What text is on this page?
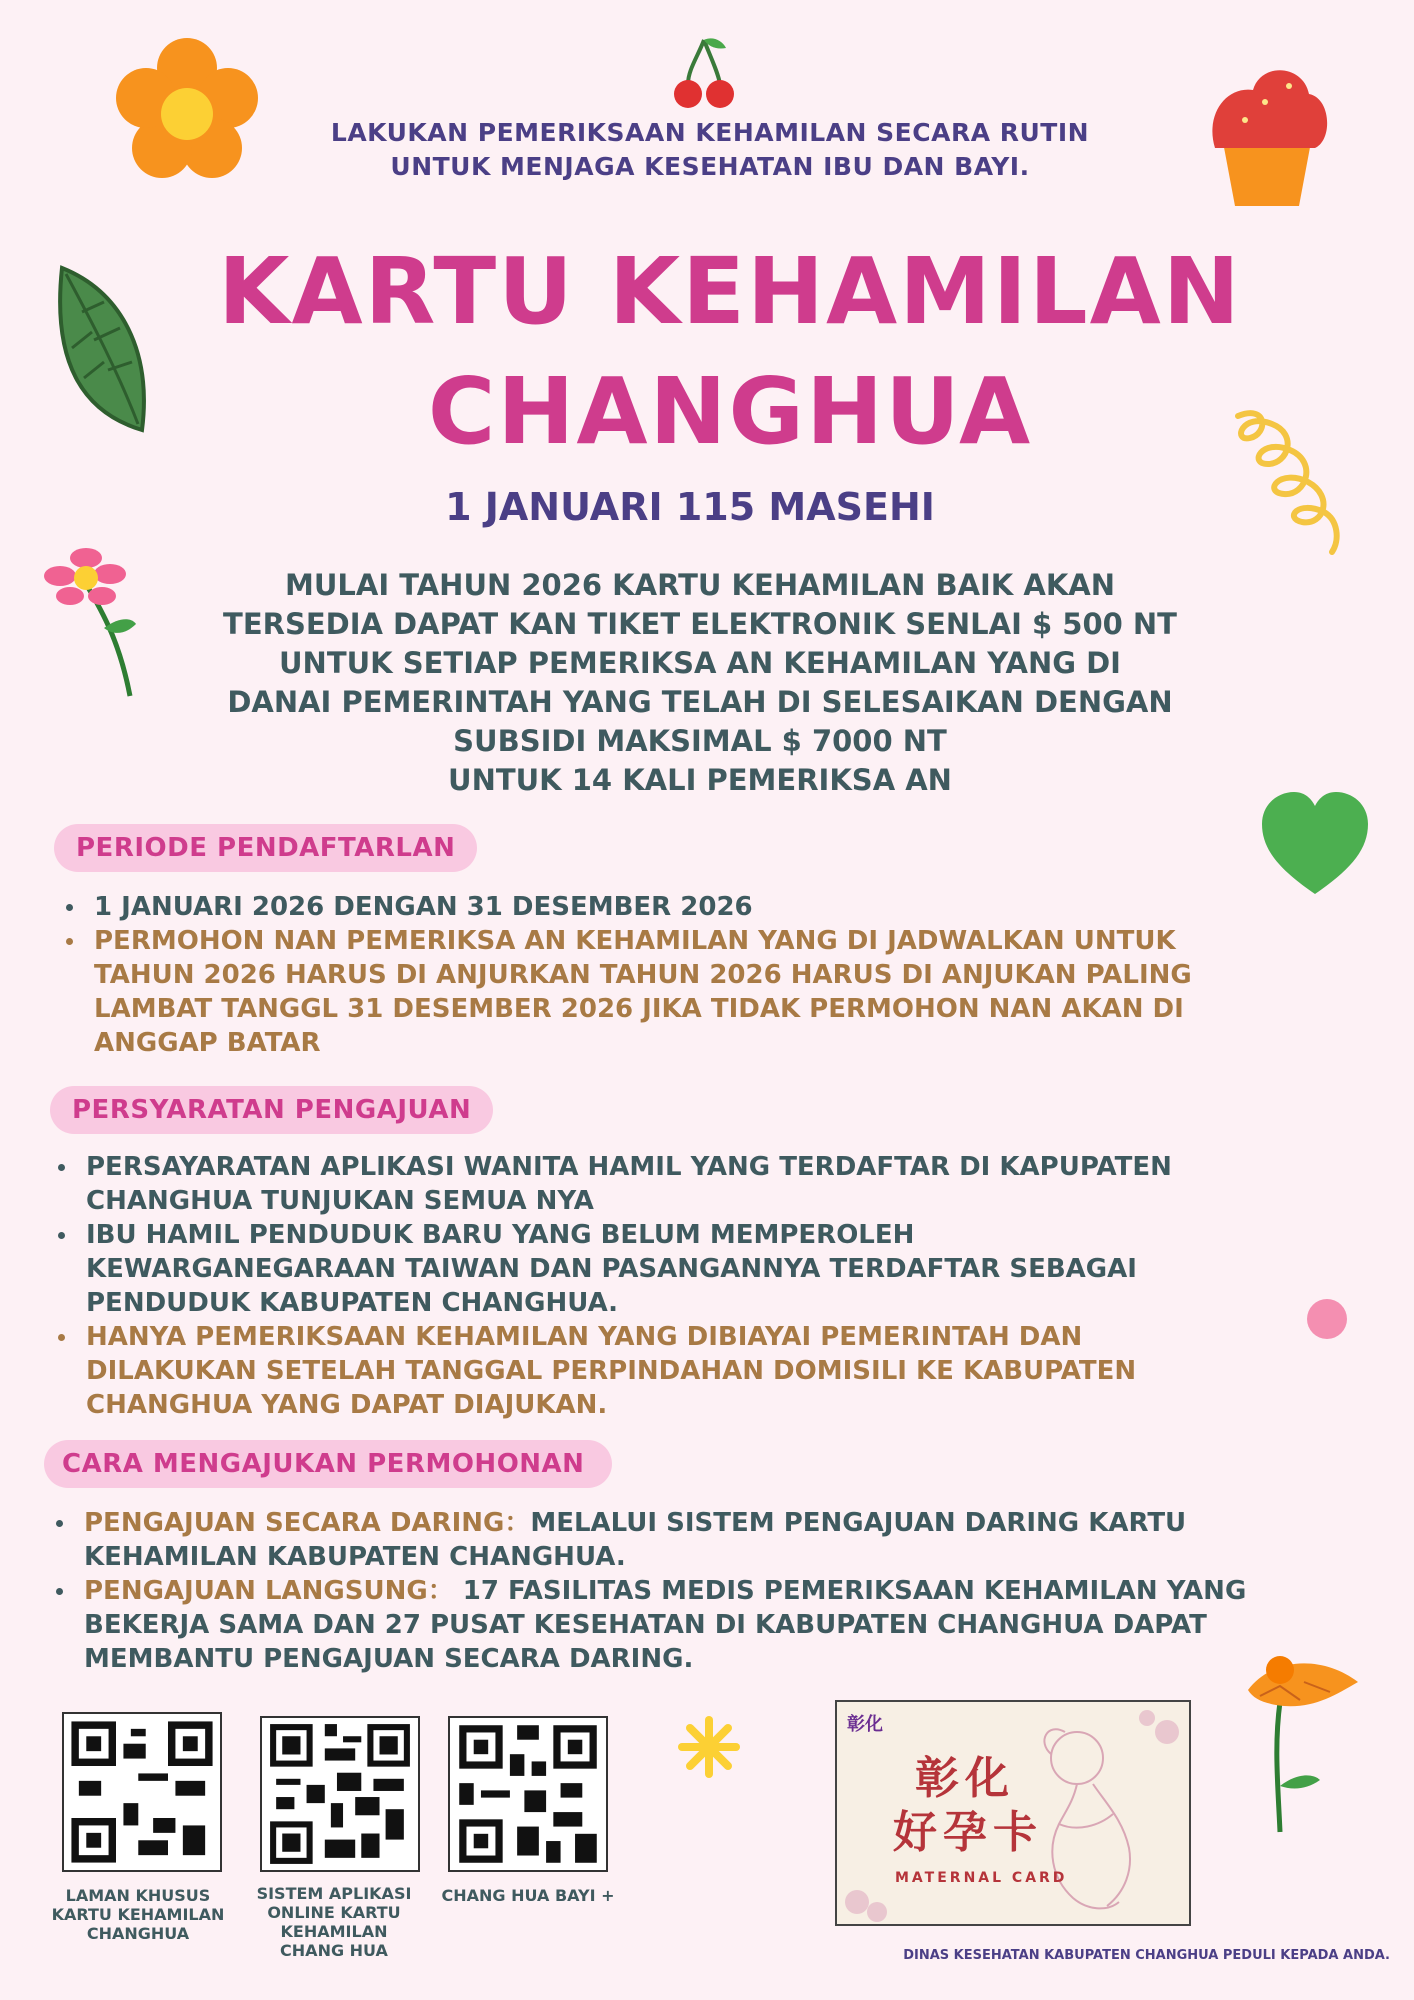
LAKUKAN PEMERIKSAAN KEHAMILAN SECARA RUTIN
UNTUK MENJAGA KESEHATAN IBU DAN BAYI.
KARTU KEHAMILAN
CHANGHUA
1 JANUARI 115 MASEHI
MULAI TAHUN 2026 KARTU KEHAMILAN BAIK AKAN
TERSEDIA DAPAT KAN TIKET ELEKTRONIK SENLAI $ 500 NT
UNTUK SETIAP PEMERIKSA AN KEHAMILAN YANG DI
DANAI PEMERINTAH YANG TELAH DI SELESAIKAN DENGAN
SUBSIDI MAKSIMAL $ 7000 NT
UNTUK 14 KALI PEMERIKSA AN
PERIODE PENDAFTARLAN
1 JANUARI 2026 DENGAN 31 DESEMBER 2026
PERMOHON NAN PEMERIKSA AN KEHAMILAN YANG DI JADWALKAN UNTUK
TAHUN 2026 HARUS DI ANJURKAN TAHUN 2026 HARUS DI ANJUKAN PALING
LAMBAT TANGGL 31 DESEMBER 2026 JIKA TIDAK PERMOHON NAN AKAN DI
ANGGAP BATAR
PERSYARATAN PENGAJUAN
PERSAYARATAN APLIKASI WANITA HAMIL YANG TERDAFTAR DI KAPUPATEN
CHANGHUA TUNJUKAN SEMUA NYA
IBU HAMIL PENDUDUK BARU YANG BELUM MEMPEROLEH
KEWARGANEGARAAN TAIWAN DAN PASANGANNYA TERDAFTAR SEBAGAI
PENDUDUK KABUPATEN CHANGHUA.
HANYA PEMERIKSAAN KEHAMILAN YANG DIBIAYAI PEMERINTAH DAN
DILAKUKAN SETELAH TANGGAL PERPINDAHAN DOMISILI KE KABUPATEN
CHANGHUA YANG DAPAT DIAJUKAN.
CARA MENGAJUKAN PERMOHONAN
PENGAJUAN SECARA DARING：MELALUI SISTEM PENGAJUAN DARING KARTU
KEHAMILAN KABUPATEN CHANGHUA.
PENGAJUAN LANGSUNG： 17 FASILITAS MEDIS PEMERIKSAAN KEHAMILAN YANG
BEKERJA SAMA DAN 27 PUSAT KESEHATAN DI KABUPATEN CHANGHUA DAPAT
MEMBANTU PENGAJUAN SECARA DARING.
LAMAN KHUSUS
KARTU KEHAMILAN
CHANGHUA
SISTEM APLIKASI
ONLINE KARTU
KEHAMILAN
CHANG HUA
CHANG HUA BAYI +
彰化
彰化
好孕卡
MATERNAL CARD
DINAS KESEHATAN KABUPATEN CHANGHUA PEDULI KEPADA ANDA.
